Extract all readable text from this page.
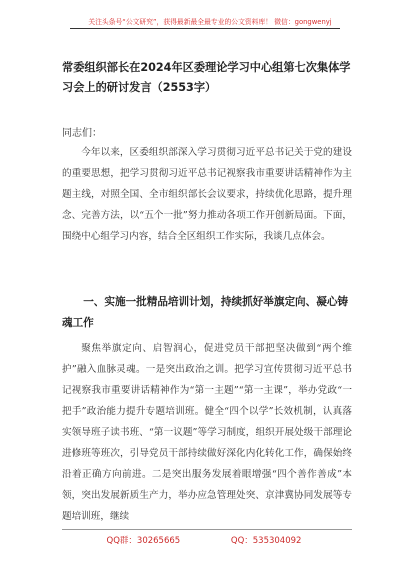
关注头条号“公文研究”，获得最新最全最专业的公文资料库！ 微信：gongwenyj
常委组织部长在2024年区委理论学习中心组第七次集体学习会上的研讨发言（2553字）
同志们：

今年以来，区委组织部深入学习贯彻习近平总书记关于党的建设的重要思想，把学习贯彻习近平总书记视察我市重要讲话精神作为主题主线，对照全国、全市组织部长会议要求，持续优化思路，提升理念、完善方法，以“五个一批”努力推动各项工作开创新局面。下面，围绕中心组学习内容，结合全区组织工作实际，我谈几点体会。

一、实施一批精品培训计划，持续抓好举旗定向、凝心铸魂工作

聚焦举旗定向、启智润心，促进党员干部把坚决做到“两个维护”融入血脉灵魂。一是突出政治之训。把学习宣传贯彻习近平总书记视察我市重要讲话精神作为“第一主题”“第一主课”，举办党政“一把手”政治能力提升专题培训班。健全“四个以学”长效机制，认真落实领导班子读书班、“第一议题”等学习制度，组织开展处级干部理论进修班等班次，引导党员干部持续做好深化内化转化工作，确保始终沿着正确方向前进。二是突出服务发展着眼增强“四个善作善成”本领，突出发展新质生产力，举办应急管理处突、京津冀协同发展等专题培训班，继续

QQ群：30265665	QQ：535304092
